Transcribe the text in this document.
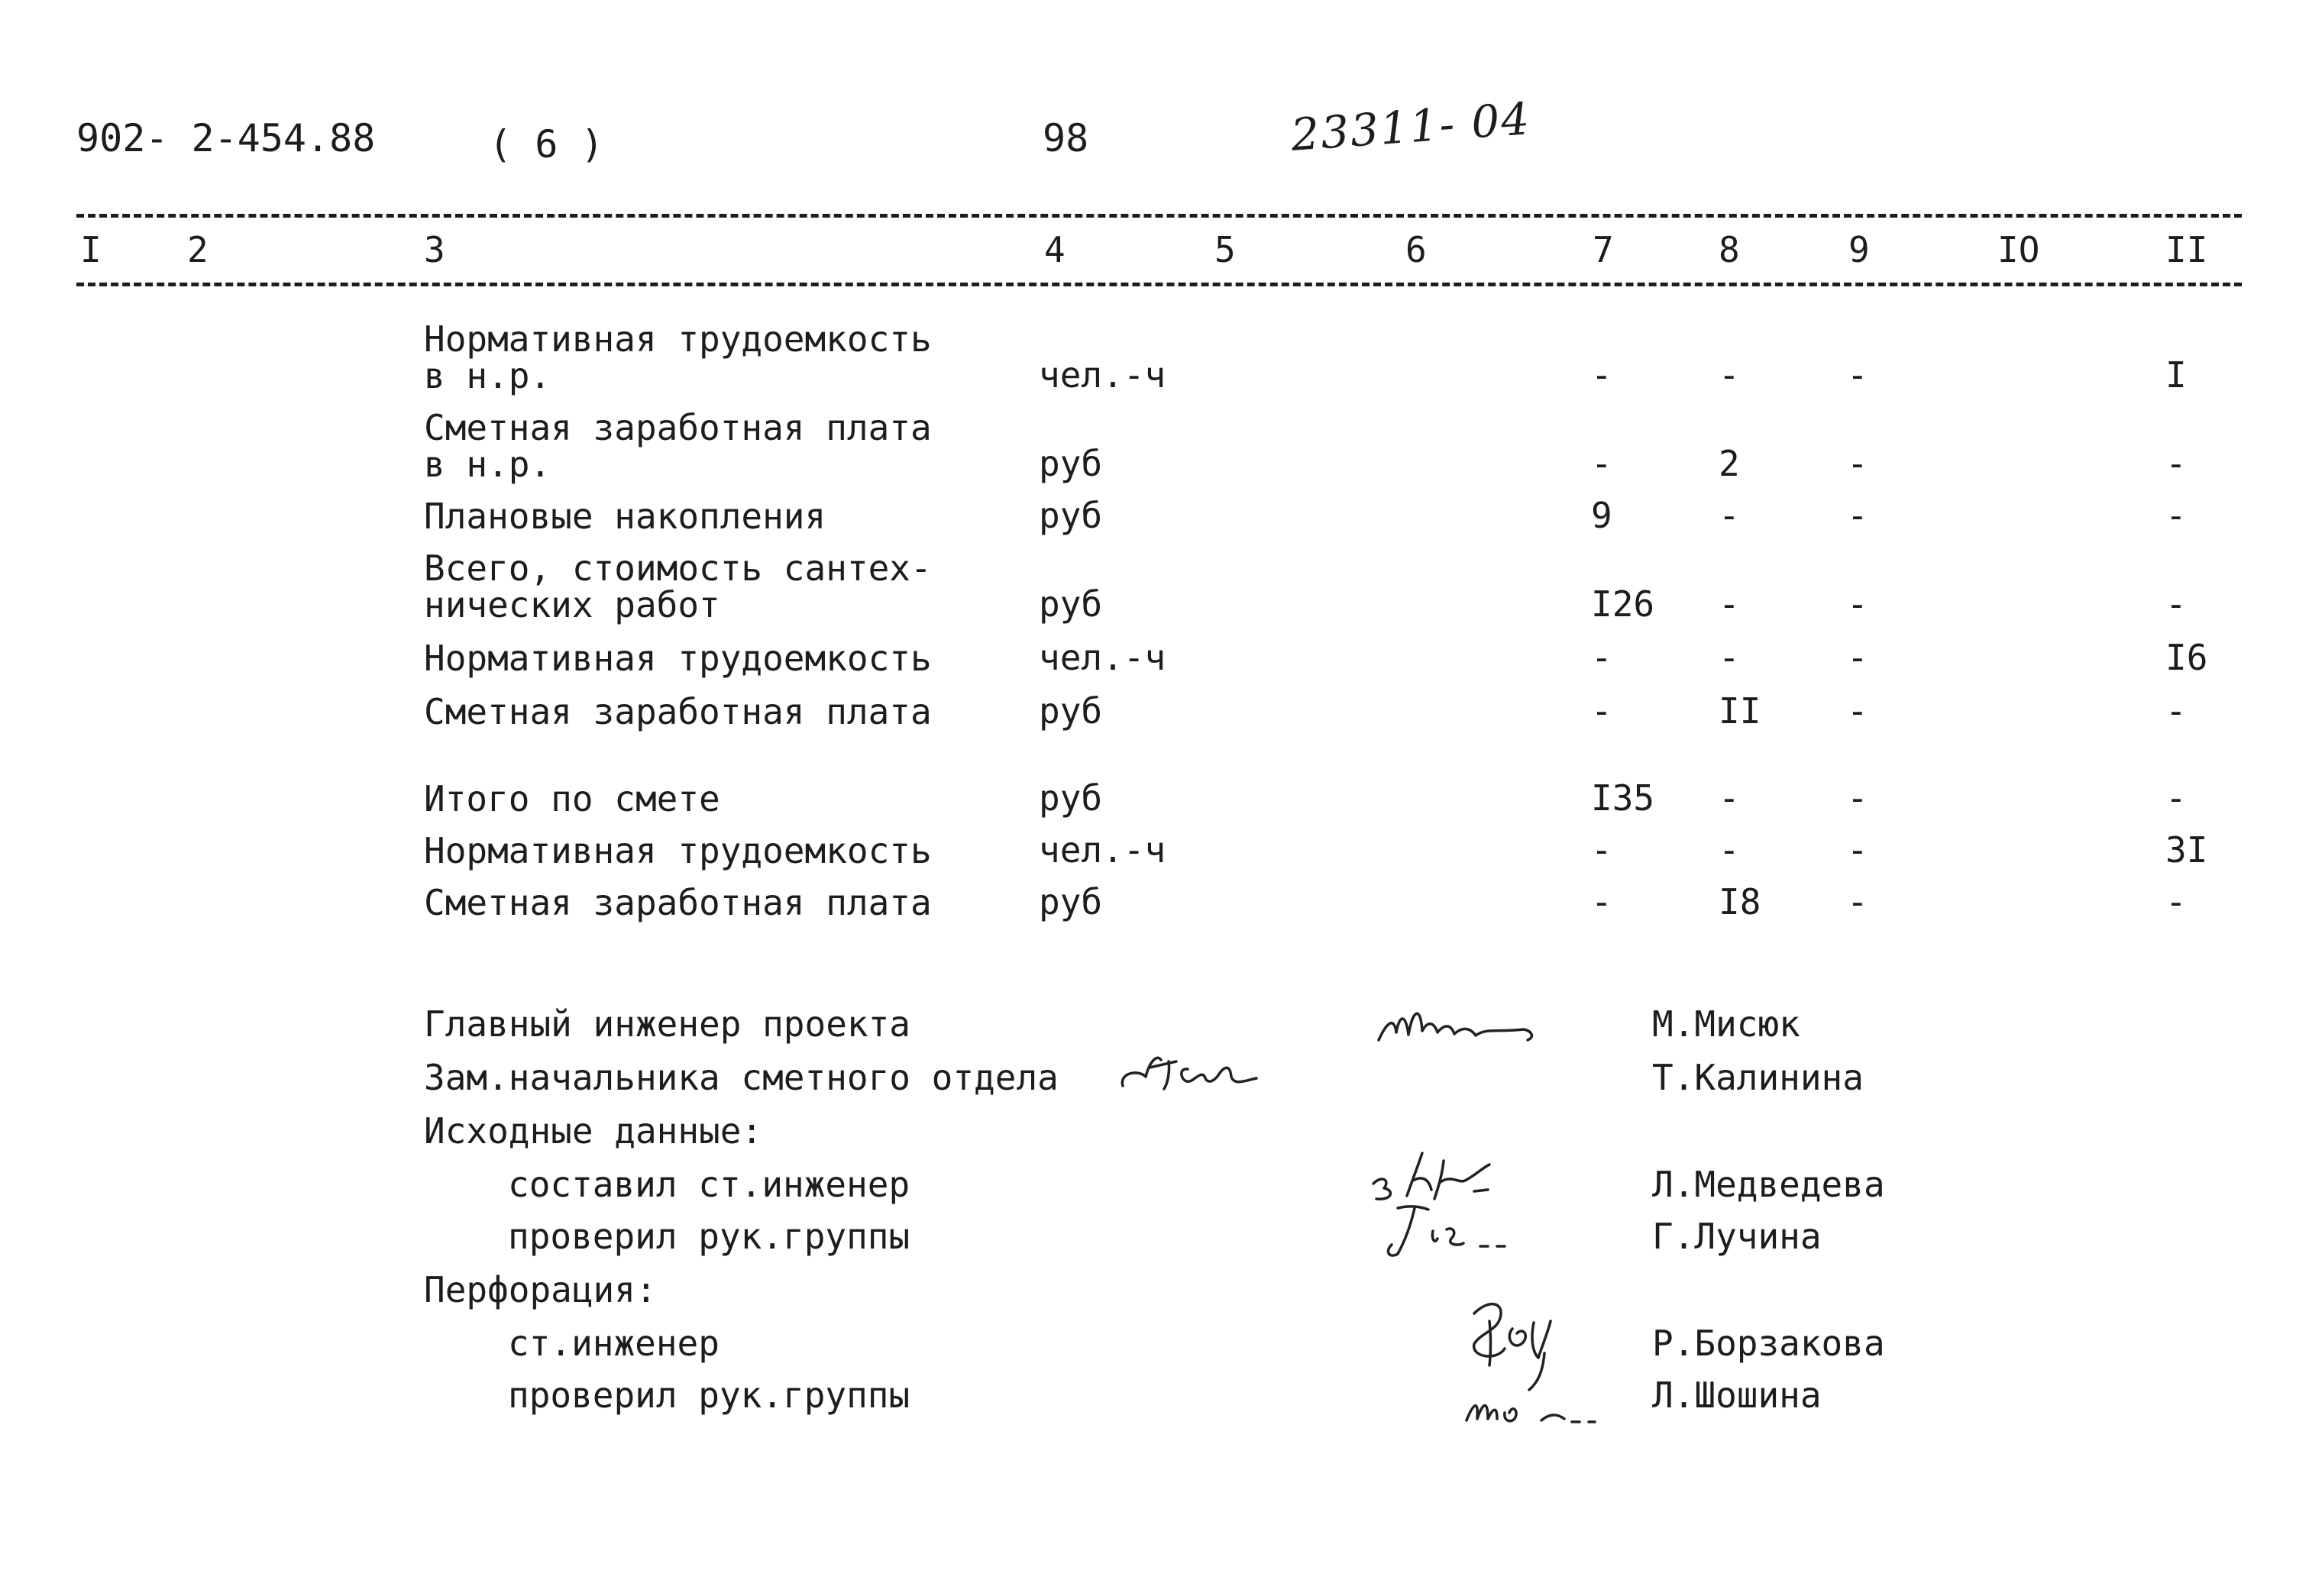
902- 2-454.88	( 6 )	98	23311- 04
I 2	3	4	5	6	7	8	9	IO	II
Нормативная трудоемкость
в н.р.	чел.-ч	-	-	-	I
Сметная заработная плата
в н.р.	руб	-	2	-	-
Плановые накопления	руб	9	-	-	-
Всего, стоимость сантех-
нических работ	руб	I26 -	-	-
Нормативная трудоемкость	чел.-ч	-	-	-	I6
Сметная заработная плата	руб	-	II -	-
Итого по смете	руб	I35 -	-	-
Нормативная трудоемкость	чел.-ч	-	-	-	3I
Сметная заработная плата	руб	-	I8 -	-
Главный инженер проекта	М.Мисюк
Зам.начальника сметного отдела	Т.Калинина
Исходные данные:
составил ст.инженер	Л.Медведева
проверил рук.группы	Г.Лучина
Перфорация:
ст.инженер	Р.Борзакова
проверил рук.группы	Л.Шошина
